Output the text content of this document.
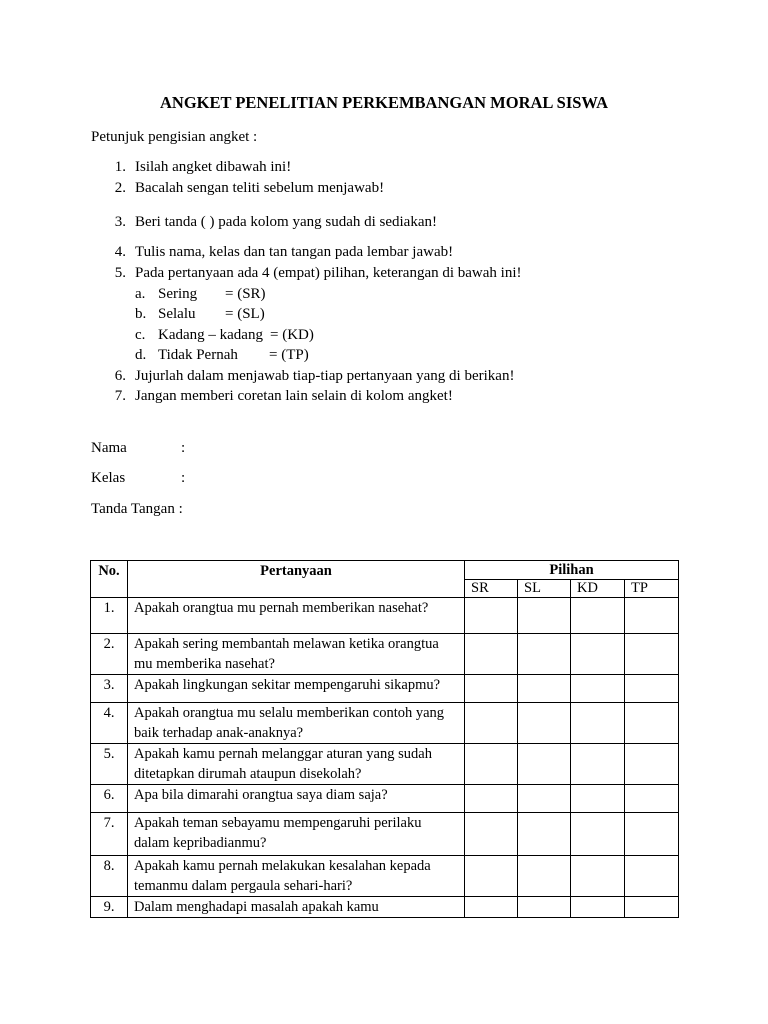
ANGKET PENELITIAN PERKEMBANGAN MORAL SISWA
Petunjuk pengisian angket :
1. Isilah angket dibawah ini!
2. Bacalah sengan teliti sebelum menjawab!
3. Beri tanda ( ) pada kolom yang sudah di sediakan!
4. Tulis nama, kelas dan tan tangan pada lembar jawab!
5. Pada pertanyaan ada 4 (empat) pilihan, keterangan di bawah ini!
a. Sering = (SR)
b. Selalu = (SL)
c. Kadang – kadang = (KD)
d. Tidak Pernah = (TP)
6. Jujurlah dalam menjawab tiap-tiap pertanyaan yang di berikan!
7. Jangan memberi coretan lain selain di kolom angket!
Nama	:
Kelas	:
Tanda Tangan :
No.	Pertanyaan	Pilihan			
		SR	SL	KD	TP
1.	Apakah orangtua mu pernah memberikan nasehat?				

2.	Apakah sering membantah melawan ketika orangtua
mu memberika nasehat?				

3.	Apakah lingkungan sekitar mempengaruhi sikapmu?				

4.	Apakah orangtua mu selalu memberikan contoh yang
baik terhadap anak-anaknya?				

5.	Apakah kamu pernah melanggar aturan yang sudah
ditetapkan dirumah ataupun disekolah?				

6.	Apa bila dimarahi orangtua saya diam saja?				

7.	Apakah teman sebayamu mempengaruhi perilaku
dalam kepribadianmu?				

8.	Apakah kamu pernah melakukan kesalahan kepada
temanmu dalam pergaula sehari-hari?				

9.	Dalam menghadapi masalah apakah kamu				
